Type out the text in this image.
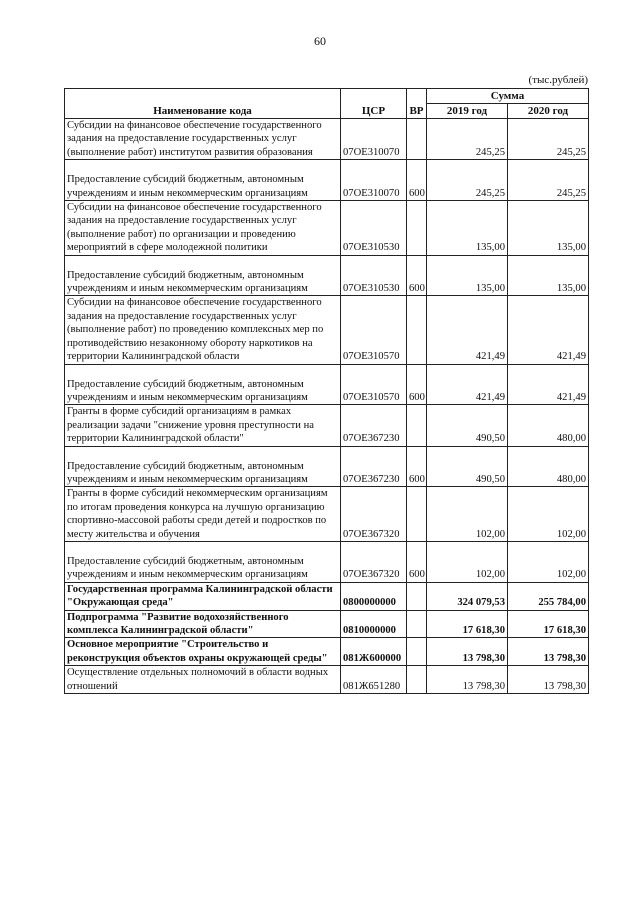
60
(тыс.рублей)
Наименование кода	ЦСР	ВР	Сумма	
			2019 год	2020 год
Субсидии на финансовое обеспечение государственного задания на предоставление государственных услуг (выполнение работ) институтом развития образования	07ОЕ310070		245,25	245,25
Предоставление субсидий бюджетным, автономным учреждениям и иным некоммерческим организациям	07ОЕ310070	600	245,25	245,25
Субсидии на финансовое обеспечение государственного задания на предоставление государственных услуг (выполнение работ) по организации и проведению мероприятий в сфере молодежной политики	07ОЕ310530		135,00	135,00
Предоставление субсидий бюджетным, автономным учреждениям и иным некоммерческим организациям	07ОЕ310530	600	135,00	135,00
Субсидии на финансовое обеспечение государственного задания на предоставление государственных услуг (выполнение работ) по проведению комплексных мер по противодействию незаконному обороту наркотиков на территории Калининградской области	07ОЕ310570		421,49	421,49
Предоставление субсидий бюджетным, автономным учреждениям и иным некоммерческим организациям	07ОЕ310570	600	421,49	421,49
Гранты в форме субсидий организациям в рамках реализации задачи "снижение уровня преступности на территории Калининградской области"	07ОЕ367230		490,50	480,00
Предоставление субсидий бюджетным, автономным учреждениям и иным некоммерческим организациям	07ОЕ367230	600	490,50	480,00
Гранты в форме субсидий некоммерческим организациям по итогам проведения конкурса на лучшую организацию спортивно-массовой работы среди детей и подростков по месту жительства и обучения	07ОЕ367320		102,00	102,00
Предоставление субсидий бюджетным, автономным учреждениям и иным некоммерческим организациям	07ОЕ367320	600	102,00	102,00
Государственная программа Калининградской области "Окружающая среда"	0800000000		324 079,53	255 784,00
Подпрограмма "Развитие водохозяйственного комплекса Калининградской области"	0810000000		17 618,30	17 618,30
Основное мероприятие "Строительство и реконструкция объектов охраны окружающей среды"	081Ж600000		13 798,30	13 798,30
Осуществление отдельных полномочий в области водных отношений	081Ж651280		13 798,30	13 798,30
